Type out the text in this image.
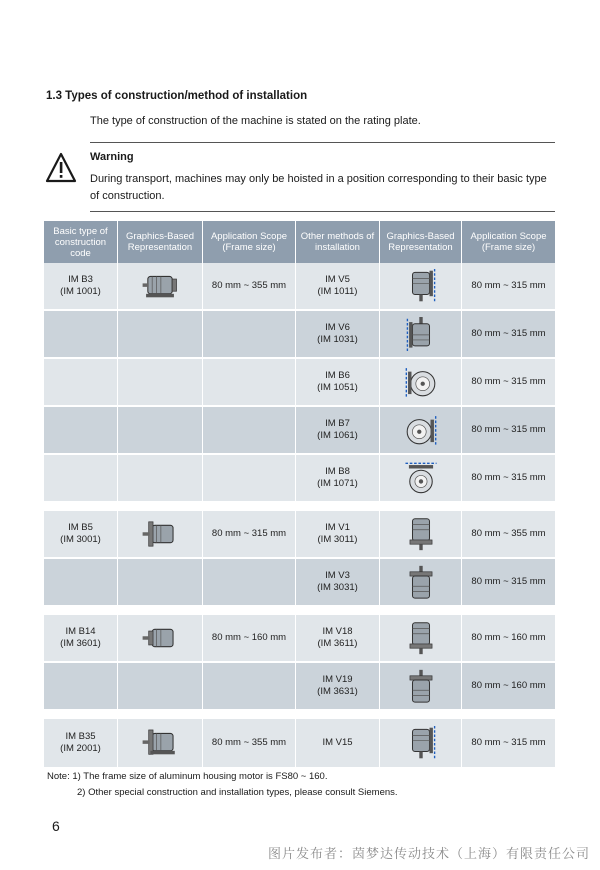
1.3 Types of construction/method of installation
The type of construction of the machine is stated on the rating plate.
Warning
During transport, machines may only be hoisted in a position corresponding to their basic type of construction.
Basic type of construction code	Graphics-Based Representation	Application Scope (Frame size)	Other methods of installation	Graphics-Based Representation	Application Scope (Frame size)

IM B3
(IM 1001)		80 mm ~ 355 mm	IM V5
(IM 1011)		80 mm ~ 315 mm

			IM V6
(IM 1031)		80 mm ~ 315 mm

			IM B6
(IM 1051)		80 mm ~ 315 mm

			IM B7
(IM 1061)		80 mm ~ 315 mm

			IM B8
(IM 1071)		80 mm ~ 315 mm

IM B5
(IM 3001)		80 mm ~ 315 mm	IM V1
(IM 3011)		80 mm ~ 355 mm

			IM V3
(IM 3031)		80 mm ~ 315 mm

IM B14
(IM 3601)		80 mm ~ 160 mm	IM V18
(IM 3611)		80 mm ~ 160 mm

			IM V19
(IM 3631)		80 mm ~ 160 mm

IM B35
(IM 2001)		80 mm ~ 355 mm	IM V15		80 mm ~ 315 mm
Note: 1) The frame size of aluminum housing motor is FS80 ~ 160.
2) Other special construction and installation types, please consult Siemens.
6
图片发布者：茵梦达传动技术（上海）有限责任公司
